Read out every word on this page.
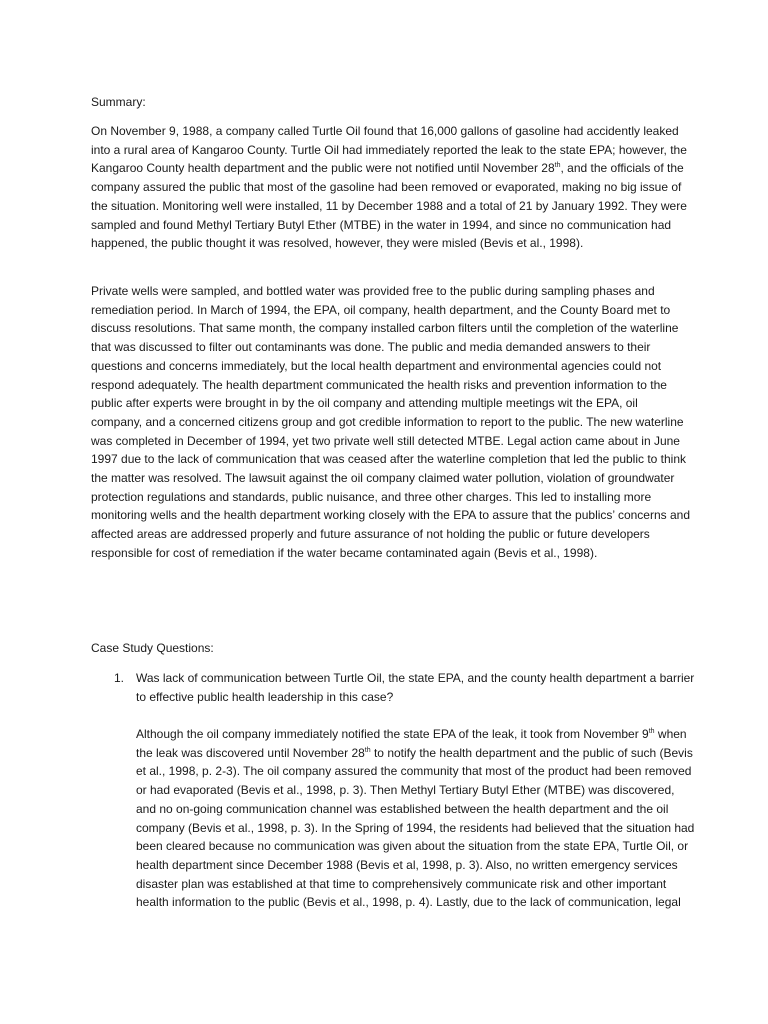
Summary:
On November 9, 1988, a company called Turtle Oil found that 16,000 gallons of gasoline had accidently leaked into a rural area of Kangaroo County. Turtle Oil had immediately reported the leak to the state EPA; however, the Kangaroo County health department and the public were not notified until November 28th, and the officials of the company assured the public that most of the gasoline had been removed or evaporated, making no big issue of the situation. Monitoring well were installed, 11 by December 1988 and a total of 21 by January 1992. They were sampled and found Methyl Tertiary Butyl Ether (MTBE) in the water in 1994, and since no communication had happened, the public thought it was resolved, however, they were misled (Bevis et al., 1998).
Private wells were sampled, and bottled water was provided free to the public during sampling phases and remediation period. In March of 1994, the EPA, oil company, health department, and the County Board met to discuss resolutions. That same month, the company installed carbon filters until the completion of the waterline that was discussed to filter out contaminants was done. The public and media demanded answers to their questions and concerns immediately, but the local health department and environmental agencies could not respond adequately. The health department communicated the health risks and prevention information to the public after experts were brought in by the oil company and attending multiple meetings wit the EPA, oil company, and a concerned citizens group and got credible information to report to the public. The new waterline was completed in December of 1994, yet two private well still detected MTBE. Legal action came about in June 1997 due to the lack of communication that was ceased after the waterline completion that led the public to think the matter was resolved. The lawsuit against the oil company claimed water pollution, violation of groundwater protection regulations and standards, public nuisance, and three other charges. This led to installing more monitoring wells and the health department working closely with the EPA to assure that the publics’ concerns and affected areas are addressed properly and future assurance of not holding the public or future developers responsible for cost of remediation if the water became contaminated again (Bevis et al., 1998).
Case Study Questions:
1. Was lack of communication between Turtle Oil, the state EPA, and the county health department a barrier to effective public health leadership in this case?
Although the oil company immediately notified the state EPA of the leak, it took from November 9th when the leak was discovered until November 28th to notify the health department and the public of such (Bevis et al., 1998, p. 2-3). The oil company assured the community that most of the product had been removed or had evaporated (Bevis et al., 1998, p. 3). Then Methyl Tertiary Butyl Ether (MTBE) was discovered, and no on-going communication channel was established between the health department and the oil company (Bevis et al., 1998, p. 3). In the Spring of 1994, the residents had believed that the situation had been cleared because no communication was given about the situation from the state EPA, Turtle Oil, or health department since December 1988 (Bevis et al, 1998, p. 3). Also, no written emergency services disaster plan was established at that time to comprehensively communicate risk and other important health information to the public (Bevis et al., 1998, p. 4). Lastly, due to the lack of communication, legal
